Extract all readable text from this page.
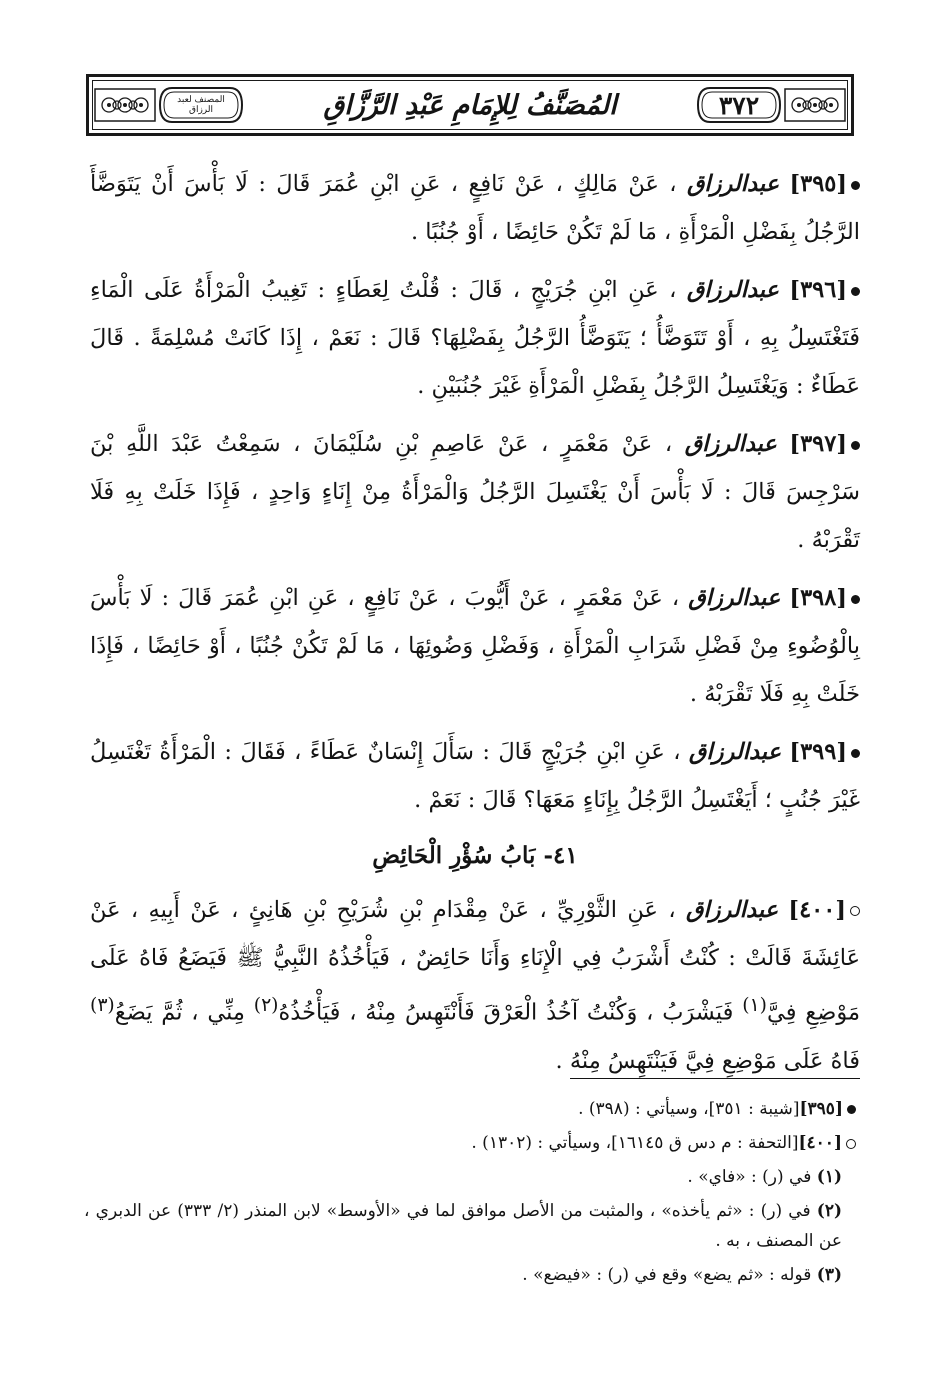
٣٧٢
المُصَنَّفُ لِلإِمَامِ عَبْدِ الرَّزَّاقِ
المصنف لعبد الرزاق

[٣٩٥] عبدالرزاق ، عَنْ مَالِكٍ ، عَنْ نَافِعٍ ، عَنِ ابْنِ عُمَرَ قَالَ : لَا بَأْسَ أَنْ يَتَوَضَّأَ الرَّجُلُ بِفَضْلِ الْمَرْأَةِ ، مَا لَمْ تَكُنْ حَائِضًا ، أَوْ جُنُبًا .

[٣٩٦] عبدالرزاق ، عَنِ ابْنِ جُرَيْجٍ ، قَالَ : قُلْتُ لِعَطَاءٍ : تَغِيبُ الْمَرْأَةُ عَلَى الْمَاءِ فَتَغْتَسِلُ بِهِ ، أَوْ تَتَوَضَّأُ ؛ يَتَوَضَّأُ الرَّجُلُ بِفَضْلِهَا؟ قَالَ : نَعَمْ ، إِذَا كَانَتْ مُسْلِمَةً . قَالَ عَطَاءٌ : وَيَغْتَسِلُ الرَّجُلُ بِفَضْلِ الْمَرْأَةِ غَيْرَ جُنُبَيْنِ .

[٣٩٧] عبدالرزاق ، عَنْ مَعْمَرٍ ، عَنْ عَاصِمِ بْنِ سُلَيْمَانَ ، سَمِعْتُ عَبْدَ اللَّهِ بْنَ سَرْجِسَ قَالَ : لَا بَأْسَ أَنْ يَغْتَسِلَ الرَّجُلُ وَالْمَرْأَةُ مِنْ إِنَاءٍ وَاحِدٍ ، فَإِذَا خَلَتْ بِهِ فَلَا تَقْرَبْهُ .

[٣٩٨] عبدالرزاق ، عَنْ مَعْمَرٍ ، عَنْ أَيُّوبَ ، عَنْ نَافِعٍ ، عَنِ ابْنِ عُمَرَ قَالَ : لَا بَأْسَ بِالْوُضُوءِ مِنْ فَضْلِ شَرَابِ الْمَرْأَةِ ، وَفَضْلِ وَضُوئِهَا ، مَا لَمْ تَكُنْ جُنُبًا ، أَوْ حَائِضًا ، فَإِذَا خَلَتْ بِهِ فَلَا تَقْرَبْهُ .

[٣٩٩] عبدالرزاق ، عَنِ ابْنِ جُرَيْجٍ قَالَ : سَأَلَ إِنْسَانٌ عَطَاءً ، فَقَالَ : الْمَرْأَةُ تَغْتَسِلُ غَيْرَ جُنُبٍ ؛ أَيَغْتَسِلُ الرَّجُلُ بِإِنَاءٍ مَعَهَا؟ قَالَ : نَعَمْ .

٤١- بَابُ سُؤْرِ الْحَائِضِ

[٤٠٠] عبدالرزاق ، عَنِ الثَّوْرِيِّ ، عَنْ مِقْدَامِ بْنِ شُرَيْحِ بْنِ هَانِئٍ ، عَنْ أَبِيهِ ، عَنْ عَائِشَةَ قَالَتْ : كُنْتُ أَشْرَبُ فِي الْإِنَاءِ وَأَنَا حَائِضٌ ، فَيَأْخُذُهُ النَّبِيُّ ﷺ فَيَضَعُ فَاهُ عَلَى مَوْضِعِ فِيَّ$^{(١)}$ فَيَشْرَبُ ، وَكُنْتُ آخُذُ الْعَرْقَ فَأَنْتَهِسُ مِنْهُ ، فَيَأْخُذُهُ$^{(٢)}$ مِنِّي ، ثُمَّ يَضَعُ$^{(٣)}$ فَاهُ عَلَى مَوْضِعِ فِيَّ فَيَنْتَهِسُ مِنْهُ .

[٣٩٥][شيبة : ٣٥١]، وسيأتي : (٣٩٨) .

[٤٠٠][التحفة : م دس ق ١٦١٤٥]، وسيأتي : (١٣٠٢) .

(١) في (ر) : «فاي» .

(٢) في (ر) : «ثم يأخذه» ، والمثبت من الأصل موافق لما في «الأوسط» لابن المنذر (٢/ ٣٣٣) عن الدبري ، عن المصنف ، به .

(٣) قوله : «ثم يضع» وقع في (ر) : «فيضع» .
